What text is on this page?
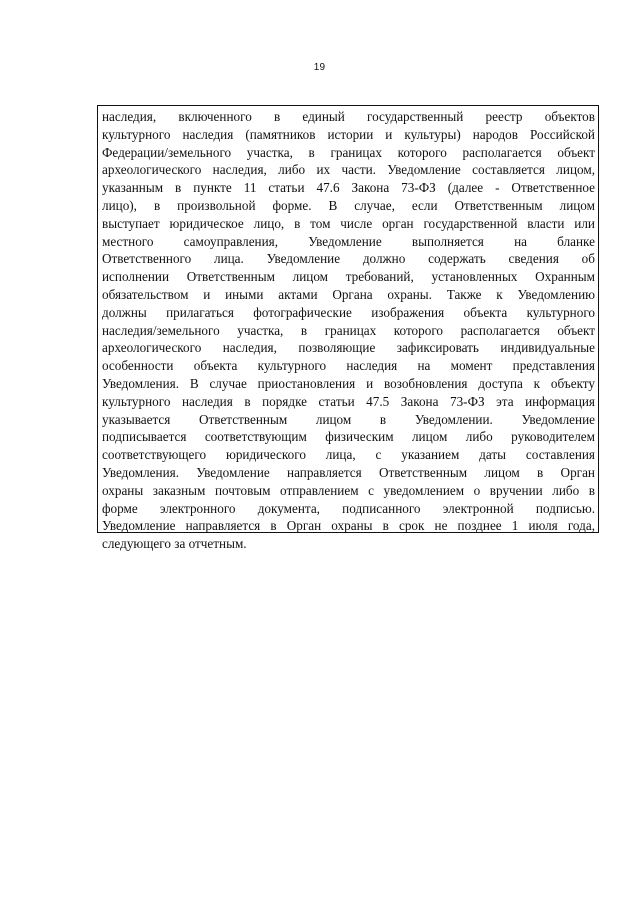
19
наследия, включенного в единый государственный реестр объектов
культурного наследия (памятников истории и культуры) народов Российской
Федерации/земельного участка, в границах которого располагается объект
археологического наследия, либо их части. Уведомление составляется лицом,
указанным в пункте 11 статьи 47.6 Закона 73-ФЗ (далее - Ответственное
лицо), в произвольной форме. В случае, если Ответственным лицом
выступает юридическое лицо, в том числе орган государственной власти или
местного самоуправления, Уведомление выполняется на бланке
Ответственного лица. Уведомление должно содержать сведения об
исполнении Ответственным лицом требований, установленных Охранным
обязательством и иными актами Органа охраны. Также к Уведомлению
должны прилагаться фотографические изображения объекта культурного
наследия/земельного участка, в границах которого располагается объект
археологического наследия, позволяющие зафиксировать индивидуальные
особенности объекта культурного наследия на момент представления
Уведомления. В случае приостановления и возобновления доступа к объекту
культурного наследия в порядке статьи 47.5 Закона 73-ФЗ эта информация
указывается Ответственным лицом в Уведомлении. Уведомление
подписывается соответствующим физическим лицом либо руководителем
соответствующего юридического лица, с указанием даты составления
Уведомления. Уведомление направляется Ответственным лицом в Орган
охраны заказным почтовым отправлением с уведомлением о вручении либо в
форме электронного документа, подписанного электронной подписью.
Уведомление направляется в Орган охраны в срок не позднее 1 июля года,
следующего за отчетным.
